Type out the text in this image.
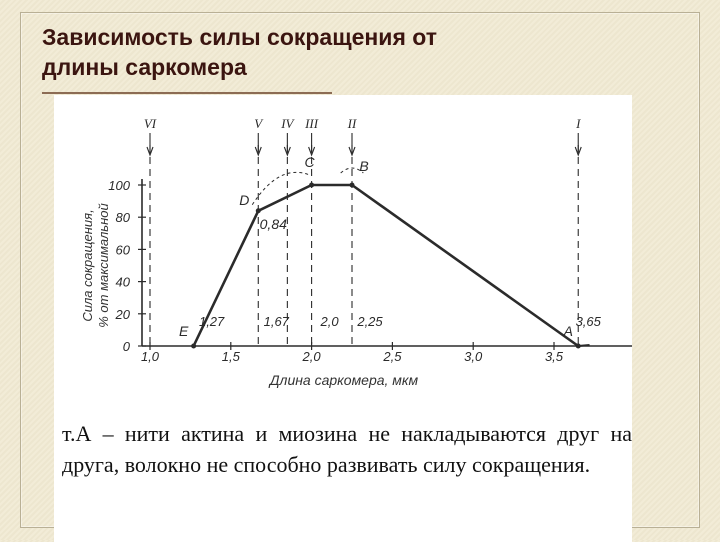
Зависимость силы сокращения от
длины саркомера
Сила сокращения, % от максимальной
Длина саркомера, мкм
0
20
40
60
80
100
1,0	1,5	2,0	2,5	3,0	3,5
VI	V IV III II	I
E
D
C	B
A
0,84
1,27	1,67 2,0 2,25	3,65
т.А – нити актина и миозина не накладываются друг на друга, волокно не способно развивать силу сокращения.
